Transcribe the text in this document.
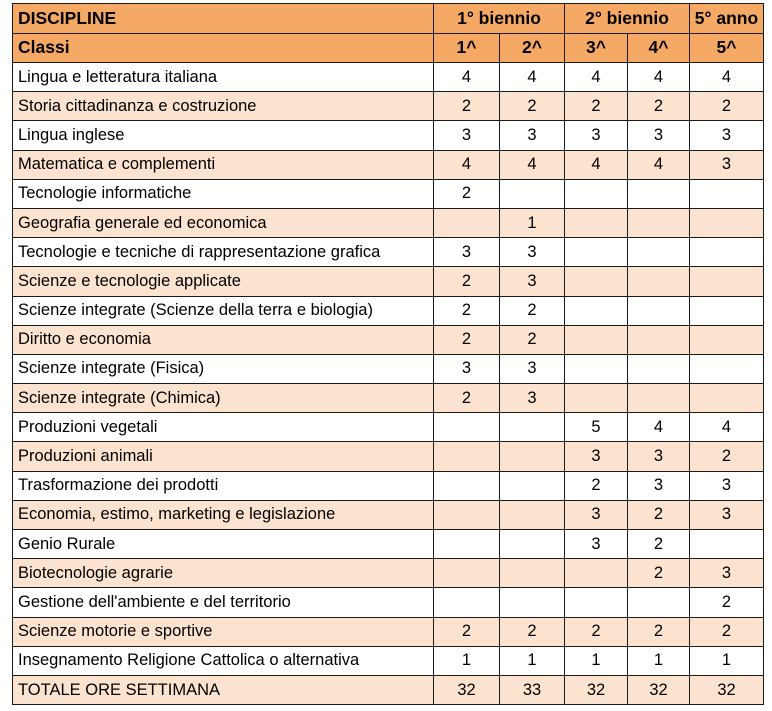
DISCIPLINE	1° biennio		2° biennio		5° anno
Classi	1^	2^	3^	4^	5^
Lingua e letteratura italiana	4	4	4	4	4
Storia cittadinanza e costruzione	2	2	2	2	2
Lingua inglese	3	3	3	3	3
Matematica e complementi	4	4	4	4	3
Tecnologie informatiche	2				
Geografia generale ed economica		1			
Tecnologie e tecniche di rappresentazione grafica	3	3			
Scienze e tecnologie applicate	2	3			
Scienze integrate (Scienze della terra e biologia)	2	2			
Diritto e economia	2	2			
Scienze integrate (Fisica)	3	3			
Scienze integrate (Chimica)	2	3			
Produzioni vegetali			5	4	4
Produzioni animali			3	3	2
Trasformazione dei prodotti			2	3	3
Economia, estimo, marketing e legislazione			3	2	3
Genio Rurale			3	2	
Biotecnologie agrarie				2	3
Gestione dell'ambiente e del territorio					2
Scienze motorie e sportive	2	2	2	2	2
Insegnamento Religione Cattolica o alternativa	1	1	1	1	1
TOTALE ORE SETTIMANA	32	33	32	32	32
